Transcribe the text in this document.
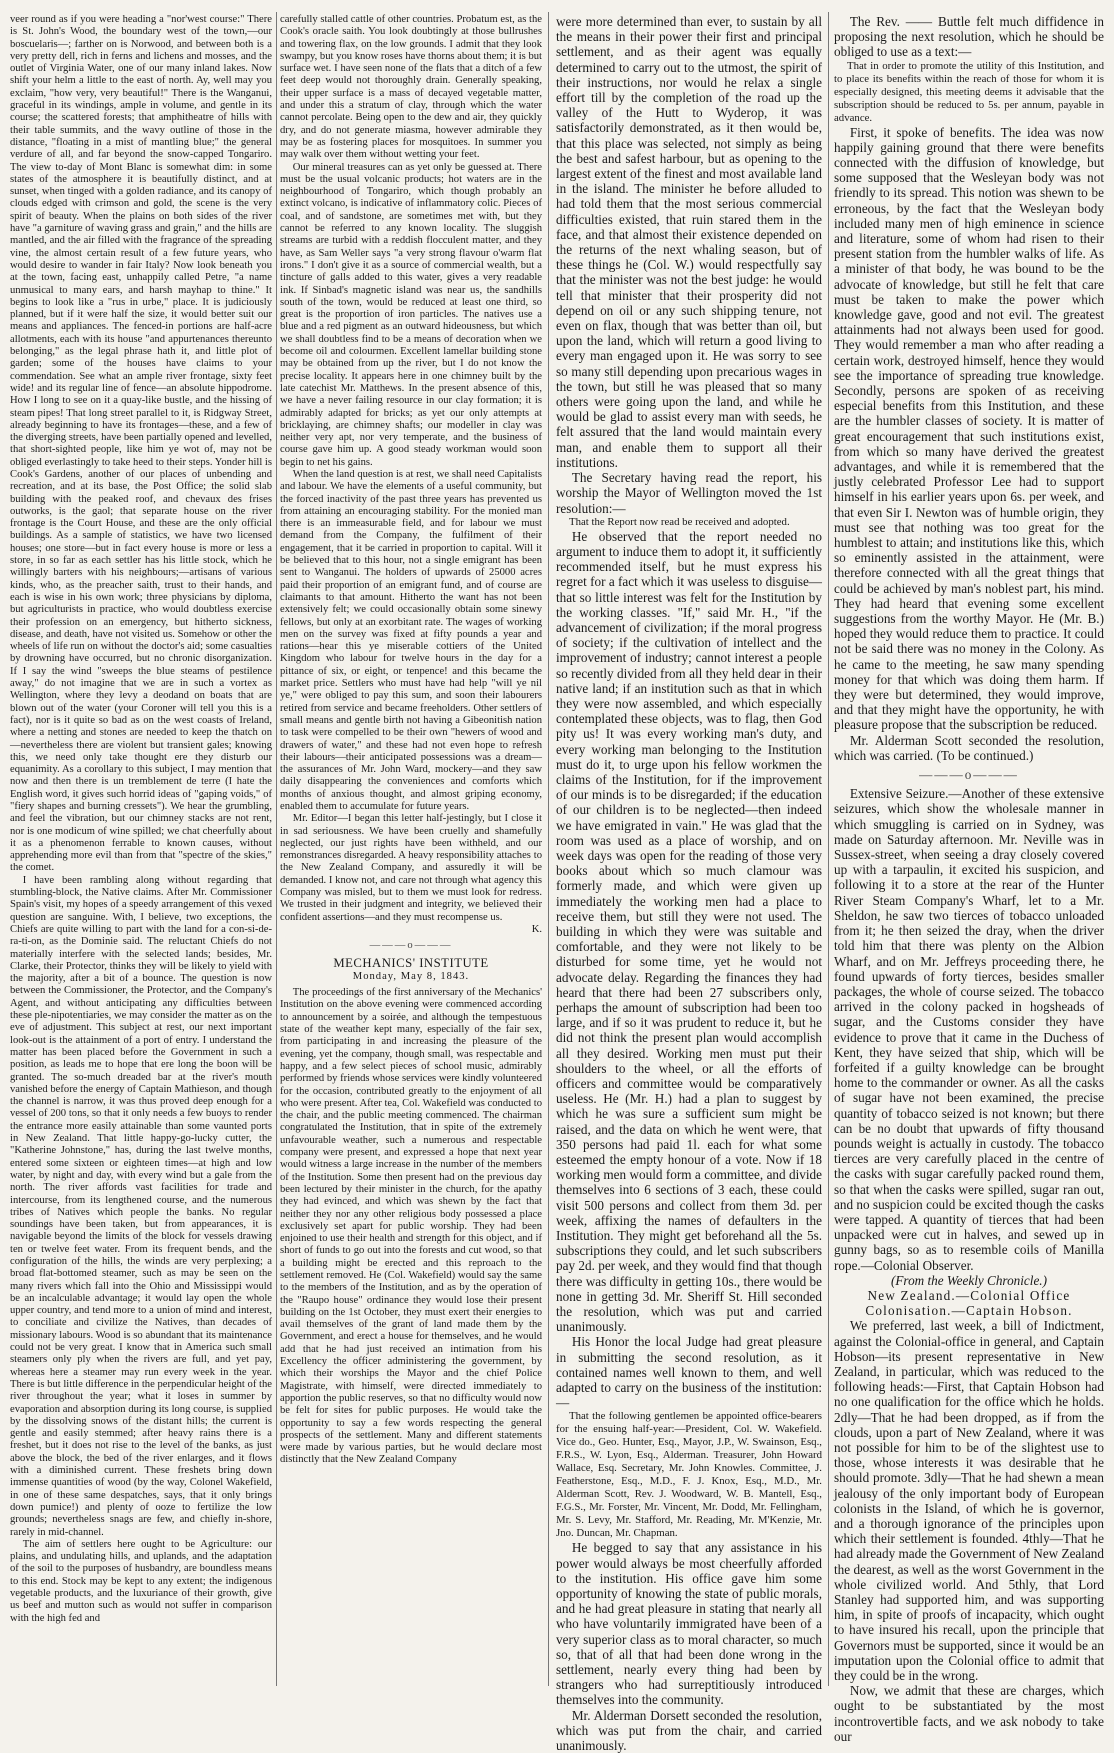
veer round as if you were heading a "nor'west course:" There is St. John's Wood, the boundary west of the town,—our boscuelaris—; farther on is Norwood, and between both is a very pretty dell, rich in ferns and lichens and mosses, and the outlet of Virginia Water, one of our many inland lakes. Now shift your helm a little to the east of north. Ay, well may you exclaim, "how very, very beautiful!" There is the Wanganui, graceful in its windings, ample in volume, and gentle in its course; the scattered forests; that amphitheatre of hills with their table summits, and the wavy outline of those in the distance, "floating in a mist of mantling blue;" the general verdure of all, and far beyond the snow-capped Tongariro. The view to-day of Mont Blanc is somewhat dim: in some states of the atmosphere it is beautifully distinct, and at sunset, when tinged with a golden radiance, and its canopy of clouds edged with crimson and gold, the scene is the very spirit of beauty. When the plains on both sides of the river have "a garniture of waving grass and grain," and the hills are mantled, and the air filled with the fragrance of the spreading vine, the almost certain result of a few future years, who would desire to wander in fair Italy? Now look beneath you at the town, facing east, unhappily called Petre, "a name unmusical to many ears, and harsh mayhap to thine." It begins to look like a "rus in urbe," place. It is judiciously planned, but if it were half the size, it would better suit our means and appliances. The fenced-in portions are half-acre allotments, each with its house "and appurtenances thereunto belonging," as the legal phrase hath it, and little plot of garden; some of the houses have claims to your commendation. See what an ample river frontage, sixty feet wide! and its regular line of fence—an absolute hippodrome. How I long to see on it a quay-like bustle, and the hissing of steam pipes! That long street parallel to it, is Ridgway Street, already beginning to have its frontages—these, and a few of the diverging streets, have been partially opened and levelled, that short-sighted people, like him ye wot of, may not be obliged everlastingly to take heed to their steps. Yonder hill is Cook's Gardens, another of our places of unbending and recreation, and at its base, the Post Office; the solid slab building with the peaked roof, and chevaux des frises outworks, is the gaol; that separate house on the river frontage is the Court House, and these are the only official buildings. As a sample of statistics, we have two licensed houses; one store—but in fact every house is more or less a store, in so far as each settler has his little stock, which he willingly barters with his neighbours;—artisans of various kinds, who, as the preacher saith, trust to their hands, and each is wise in his own work; three physicians by diploma, but agriculturists in practice, who would doubtless exercise their profession on an emergency, but hitherto sickness, disease, and death, have not visited us. Somehow or other the wheels of life run on without the doctor's aid; some casualties by drowning have occurred, but no chronic disorganization. If I say the wind "sweeps the blue steams of pestilence away," do not imagine that we are in such a vortex as Wellington, where they levy a deodand on boats that are blown out of the water (your Coroner will tell you this is a fact), nor is it quite so bad as on the west coasts of Ireland, where a netting and stones are needed to keep the thatch on—nevertheless there are violent but transient gales; knowing this, we need only take thought ere they disturb our equanimity. As a corollary to this subject, I may mention that now and then there is un tremblement de terre (I hate the English word, it gives such horrid ideas of "gaping voids," of "fiery shapes and burning cressets"). We hear the grumbling, and feel the vibration, but our chimney stacks are not rent, nor is one modicum of wine spilled; we chat cheerfully about it as a phenomenon ferrable to known causes, without apprehending more evil than from that "spectre of the skies," the comet.

I have been rambling along without regarding that stumbling-block, the Native claims. After Mr. Commissioner Spain's visit, my hopes of a speedy arrangement of this vexed question are sanguine. With, I believe, two exceptions, the Chiefs are quite willing to part with the land for a con-si-de-ra-ti-on, as the Dominie said. The reluctant Chiefs do not materially interfere with the selected lands; besides, Mr. Clarke, their Protector, thinks they will be likely to yield with the majority, after a bit of a bounce. The question is now between the Commissioner, the Protector, and the Company's Agent, and without anticipating any difficulties between these ple-nipotentiaries, we may consider the matter as on the eve of adjustment. This subject at rest, our next important look-out is the attainment of a port of entry. I understand the matter has been placed before the Government in such a position, as leads me to hope that ere long the boon will be granted. The so-much dreaded bar at the river's mouth vanished before the energy of Captain Mathieson, and though the channel is narrow, it was thus proved deep enough for a vessel of 200 tons, so that it only needs a few buoys to render the entrance more easily attainable than some vaunted ports in New Zealand. That little happy-go-lucky cutter, the "Katherine Johnstone," has, during the last twelve months, entered some sixteen or eighteen times—at high and low water, by night and day, with every wind but a gale from the north. The river affords vast facilities for trade and intercourse, from its lengthened course, and the numerous tribes of Natives which people the banks. No regular soundings have been taken, but from appearances, it is navigable beyond the limits of the block for vessels drawing ten or twelve feet water. From its frequent bends, and the configuration of the hills, the winds are very perplexing; a broad flat-bottomed steamer, such as may be seen on the many rivers which fall into the Ohio and Mississippi would be an incalculable advantage; it would lay open the whole upper country, and tend more to a union of mind and interest, to conciliate and civilize the Natives, than decades of missionary labours. Wood is so abundant that its maintenance could not be very great. I know that in America such small steamers only ply when the rivers are full, and yet pay, whereas here a steamer may run every week in the year. There is but little difference in the perpendicular height of the river throughout the year; what it loses in summer by evaporation and absorption during its long course, is supplied by the dissolving snows of the distant hills; the current is gentle and easily stemmed; after heavy rains there is a freshet, but it does not rise to the level of the banks, as just above the block, the bed of the river enlarges, and it flows with a diminished current. These freshets bring down immense quantities of wood (by the way, Colonel Wakefield, in one of these same despatches, says, that it only brings down pumice!) and plenty of ooze to fertilize the low grounds; nevertheless snags are few, and chiefly in-shore, rarely in mid-channel.

The aim of settlers here ought to be Agriculture: our plains, and undulating hills, and uplands, and the adaptation of the soil to the purposes of husbandry, are boundless means to this end. Stock may be kept to any extent; the indigenous vegetable products, and the luxuriance of their growth, give us beef and mutton such as would not suffer in comparison with the high fed and

carefully stalled cattle of other countries. Probatum est, as the Cook's oracle saith. You look doubtingly at those bullrushes and towering flax, on the low grounds. I admit that they look swampy, but you know roses have thorns about them; it is but surface wet. I have seen none of the flats that a ditch of a few feet deep would not thoroughly drain. Generally speaking, their upper surface is a mass of decayed vegetable matter, and under this a stratum of clay, through which the water cannot percolate. Being open to the dew and air, they quickly dry, and do not generate miasma, however admirable they may be as fostering places for mosquitoes. In summer you may walk over them without wetting your feet.

Our mineral treasures can as yet only be guessed at. There must be the usual volcanic products; hot waters are in the neighbourhood of Tongariro, which though probably an extinct volcano, is indicative of inflammatory colic. Pieces of coal, and of sandstone, are sometimes met with, but they cannot be referred to any known locality. The sluggish streams are turbid with a reddish flocculent matter, and they have, as Sam Weller says "a very strong flavour o'warm flat irons." I don't give it as a source of commercial wealth, but a tincture of galls added to this water, gives a very readable ink. If Sinbad's magnetic island was near us, the sandhills south of the town, would be reduced at least one third, so great is the proportion of iron particles. The natives use a blue and a red pigment as an outward hideousness, but which we shall doubtless find to be a means of decoration when we become oil and colourmen. Excellent lamellar building stone may be obtained from up the river, but I do not know the precise locality. It appears here in one chimney built by the late catechist Mr. Matthews. In the present absence of this, we have a never failing resource in our clay formation; it is admirably adapted for bricks; as yet our only attempts at bricklaying, are chimney shafts; our modeller in clay was neither very apt, nor very temperate, and the business of course gave him up. A good steady workman would soon begin to net his gains.

When the land question is at rest, we shall need Capitalists and labour. We have the elements of a useful community, but the forced inactivity of the past three years has prevented us from attaining an encouraging stability. For the monied man there is an immeasurable field, and for labour we must demand from the Company, the fulfilment of their engagement, that it be carried in proportion to capital. Will it be believed that to this hour, not a single emigrant has been sent to Wanganui. The holders of upwards of 25000 acres paid their proportion of an emigrant fund, and of course are claimants to that amount. Hitherto the want has not been extensively felt; we could occasionally obtain some sinewy fellows, but only at an exorbitant rate. The wages of working men on the survey was fixed at fifty pounds a year and rations—hear this ye miserable cottiers of the United Kingdom who labour for twelve hours in the day for a pittance of six, or eight, or tenpence! and this became the market price. Settlers who must have had help "will ye nil ye," were obliged to pay this sum, and soon their labourers retired from service and became freeholders. Other settlers of small means and gentle birth not having a Gibeonitish nation to task were compelled to be their own "hewers of wood and drawers of water," and these had not even hope to refresh their labours—their anticipated possessions was a dream—the assurances of Mr. John Ward, mockery—and they saw daily disappearing the conveniences and comforts which months of anxious thought, and almost griping economy, enabled them to accumulate for future years.

Mr. Editor—I began this letter half-jestingly, but I close it in sad seriousness. We have been cruelly and shamefully neglected, our just rights have been withheld, and our remonstrances disregarded. A heavy responsibility attaches to the New Zealand Company, and assuredly it will be demanded. I know not, and care not through what agency this Company was misled, but to them we must look for redress. We trusted in their judgment and integrity, we believed their confident assertions—and they must recompense us.

K.

———o———

MECHANICS' INSTITUTE

Monday, May 8, 1843.

The proceedings of the first anniversary of the Mechanics' Institution on the above evening were commenced according to announcement by a soirée, and although the tempestuous state of the weather kept many, especially of the fair sex, from participating in and increasing the pleasure of the evening, yet the company, though small, was respectable and happy, and a few select pieces of school music, admirably performed by friends whose services were kindly volunteered for the occasion, contributed greatly to the enjoyment of all who were present. After tea, Col. Wakefield was conducted to the chair, and the public meeting commenced. The chairman congratulated the Institution, that in spite of the extremely unfavourable weather, such a numerous and respectable company were present, and expressed a hope that next year would witness a large increase in the number of the members of the Institution. Some then present had on the previous day been lectured by their minister in the church, for the apathy they had evinced, and which was shewn by the fact that neither they nor any other religious body possessed a place exclusively set apart for public worship. They had been enjoined to use their health and strength for this object, and if short of funds to go out into the forests and cut wood, so that a building might be erected and this reproach to the settlement removed. He (Col. Wakefield) would say the same to the members of the Institution, and as by the operation of the "Raupo house" ordinance they would lose their present building on the 1st October, they must exert their energies to avail themselves of the grant of land made them by the Government, and erect a house for themselves, and he would add that he had just received an intimation from his Excellency the officer administering the government, by which their worships the Mayor and the chief Police Magistrate, with himself, were directed immediately to apportion the public reserves, so that no difficulty would now be felt for sites for public purposes. He would take the opportunity to say a few words respecting the general prospects of the settlement. Many and different statements were made by various parties, but he would declare most distinctly that the New Zealand Company

were more determined than ever, to sustain by all the means in their power their first and principal settlement, and as their agent was equally determined to carry out to the utmost, the spirit of their instructions, nor would he relax a single effort till by the completion of the road up the valley of the Hutt to Wyderop, it was satisfactorily demonstrated, as it then would be, that this place was selected, not simply as being the best and safest harbour, but as opening to the largest extent of the finest and most available land in the island. The minister he before alluded to had told them that the most serious commercial difficulties existed, that ruin stared them in the face, and that almost their existence depended on the returns of the next whaling season, but of these things he (Col. W.) would respectfully say that the minister was not the best judge: he would tell that minister that their prosperity did not depend on oil or any such shipping tenure, not even on flax, though that was better than oil, but upon the land, which will return a good living to every man engaged upon it. He was sorry to see so many still depending upon precarious wages in the town, but still he was pleased that so many others were going upon the land, and while he would be glad to assist every man with seeds, he felt assured that the land would maintain every man, and enable them to support all their institutions.

The Secretary having read the report, his worship the Mayor of Wellington moved the 1st resolution:—

That the Report now read be received and adopted.

He observed that the report needed no argument to induce them to adopt it, it sufficiently recommended itself, but he must express his regret for a fact which it was useless to disguise—that so little interest was felt for the Institution by the working classes. "If," said Mr. H., "if the advancement of civilization; if the moral progress of society; if the cultivation of intellect and the improvement of industry; cannot interest a people so recently divided from all they held dear in their native land; if an institution such as that in which they were now assembled, and which especially contemplated these objects, was to flag, then God pity us! It was every working man's duty, and every working man belonging to the Institution must do it, to urge upon his fellow workmen the claims of the Institution, for if the improvement of our minds is to be disregarded; if the education of our children is to be neglected—then indeed we have emigrated in vain." He was glad that the room was used as a place of worship, and on week days was open for the reading of those very books about which so much clamour was formerly made, and which were given up immediately the working men had a place to receive them, but still they were not used. The building in which they were was suitable and comfortable, and they were not likely to be disturbed for some time, yet he would not advocate delay. Regarding the finances they had heard that there had been 27 subscribers only, perhaps the amount of subscription had been too large, and if so it was prudent to reduce it, but he did not think the present plan would accomplish all they desired. Working men must put their shoulders to the wheel, or all the efforts of officers and committee would be comparatively useless. He (Mr. H.) had a plan to suggest by which he was sure a sufficient sum might be raised, and the data on which he went were, that 350 persons had paid 1l. each for what some esteemed the empty honour of a vote. Now if 18 working men would form a committee, and divide themselves into 6 sections of 3 each, these could visit 500 persons and collect from them 3d. per week, affixing the names of defaulters in the Institution. They might get beforehand all the 5s. subscriptions they could, and let such subscribers pay 2d. per week, and they would find that though there was difficulty in getting 10s., there would be none in getting 3d. Mr. Sheriff St. Hill seconded the resolution, which was put and carried unanimously.

His Honor the local Judge had great pleasure in submitting the second resolution, as it contained names well known to them, and well adapted to carry on the business of the institution:—

That the following gentlemen be appointed office-bearers for the ensuing half-year:—President, Col. W. Wakefield. Vice do., Geo. Hunter, Esq., Mayor, J.P., W. Swainson, Esq., F.R.S., W. Lyon, Esq., Alderman. Treasurer, John Howard Wallace, Esq. Secretary, Mr. John Knowles. Committee, J. Featherstone, Esq., M.D., F. J. Knox, Esq., M.D., Mr. Alderman Scott, Rev. J. Woodward, W. B. Mantell, Esq., F.G.S., Mr. Forster, Mr. Vincent, Mr. Dodd, Mr. Fellingham, Mr. S. Levy, Mr. Stafford, Mr. Reading, Mr. M'Kenzie, Mr. Jno. Duncan, Mr. Chapman.

He begged to say that any assistance in his power would always be most cheerfully afforded to the institution. His office gave him some opportunity of knowing the state of public morals, and he had great pleasure in stating that nearly all who have voluntarily immigrated have been of a very superior class as to moral character, so much so, that of all that had been done wrong in the settlement, nearly every thing had been by strangers who had surreptitiously introduced themselves into the community.

Mr. Alderman Dorsett seconded the resolution, which was put from the chair, and carried unanimously.

The Rev. —— Buttle felt much diffidence in proposing the next resolution, which he should be obliged to use as a text:—

That in order to promote the utility of this Institution, and to place its benefits within the reach of those for whom it is especially designed, this meeting deems it advisable that the subscription should be reduced to 5s. per annum, payable in advance.

First, it spoke of benefits. The idea was now happily gaining ground that there were benefits connected with the diffusion of knowledge, but some supposed that the Wesleyan body was not friendly to its spread. This notion was shewn to be erroneous, by the fact that the Wesleyan body included many men of high eminence in science and literature, some of whom had risen to their present station from the humbler walks of life. As a minister of that body, he was bound to be the advocate of knowledge, but still he felt that care must be taken to make the power which knowledge gave, good and not evil. The greatest attainments had not always been used for good. They would remember a man who after reading a certain work, destroyed himself, hence they would see the importance of spreading true knowledge. Secondly, persons are spoken of as receiving especial benefits from this Institution, and these are the humbler classes of society. It is matter of great encouragement that such institutions exist, from which so many have derived the greatest advantages, and while it is remembered that the justly celebrated Professor Lee had to support himself in his earlier years upon 6s. per week, and that even Sir I. Newton was of humble origin, they must see that nothing was too great for the humblest to attain; and institutions like this, which so eminently assisted in the attainment, were therefore connected with all the great things that could be achieved by man's noblest part, his mind. They had heard that evening some excellent suggestions from the worthy Mayor. He (Mr. B.) hoped they would reduce them to practice. It could not be said there was no money in the Colony. As he came to the meeting, he saw many spending money for that which was doing them harm. If they were but determined, they would improve, and that they might have the opportunity, he with pleasure propose that the subscription be reduced.

Mr. Alderman Scott seconded the resolution, which was carried. (To be continued.)

———o———

Extensive Seizure.—Another of these extensive seizures, which show the wholesale manner in which smuggling is carried on in Sydney, was made on Saturday afternoon. Mr. Neville was in Sussex-street, when seeing a dray closely covered up with a tarpaulin, it excited his suspicion, and following it to a store at the rear of the Hunter River Steam Company's Wharf, let to a Mr. Sheldon, he saw two tierces of tobacco unloaded from it; he then seized the dray, when the driver told him that there was plenty on the Albion Wharf, and on Mr. Jeffreys proceeding there, he found upwards of forty tierces, besides smaller packages, the whole of course seized. The tobacco arrived in the colony packed in hogsheads of sugar, and the Customs consider they have evidence to prove that it came in the Duchess of Kent, they have seized that ship, which will be forfeited if a guilty knowledge can be brought home to the commander or owner. As all the casks of sugar have not been examined, the precise quantity of tobacco seized is not known; but there can be no doubt that upwards of fifty thousand pounds weight is actually in custody. The tobacco tierces are very carefully placed in the centre of the casks with sugar carefully packed round them, so that when the casks were spilled, sugar ran out, and no suspicion could be excited though the casks were tapped. A quantity of tierces that had been unpacked were cut in halves, and sewed up in gunny bags, so as to resemble coils of Manilla rope.—Colonial Observer.

(From the Weekly Chronicle.)

New Zealand.—Colonial Office Colonisation.—Captain Hobson.

We preferred, last week, a bill of Indictment, against the Colonial-office in general, and Captain Hobson—its present representative in New Zealand, in particular, which was reduced to the following heads:—First, that Captain Hobson had no one qualification for the office which he holds. 2dly—That he had been dropped, as if from the clouds, upon a part of New Zealand, where it was not possible for him to be of the slightest use to those, whose interests it was desirable that he should promote. 3dly—That he had shewn a mean jealousy of the only important body of European colonists in the Island, of which he is governor, and a thorough ignorance of the principles upon which their settlement is founded. 4thly—That he had already made the Government of New Zealand the dearest, as well as the worst Government in the whole civilized world. And 5thly, that Lord Stanley had supported him, and was supporting him, in spite of proofs of incapacity, which ought to have insured his recall, upon the principle that Governors must be supported, since it would be an imputation upon the Colonial office to admit that they could be in the wrong.

Now, we admit that these are charges, which ought to be substantiated by the most incontrovertible facts, and we ask nobody to take our
